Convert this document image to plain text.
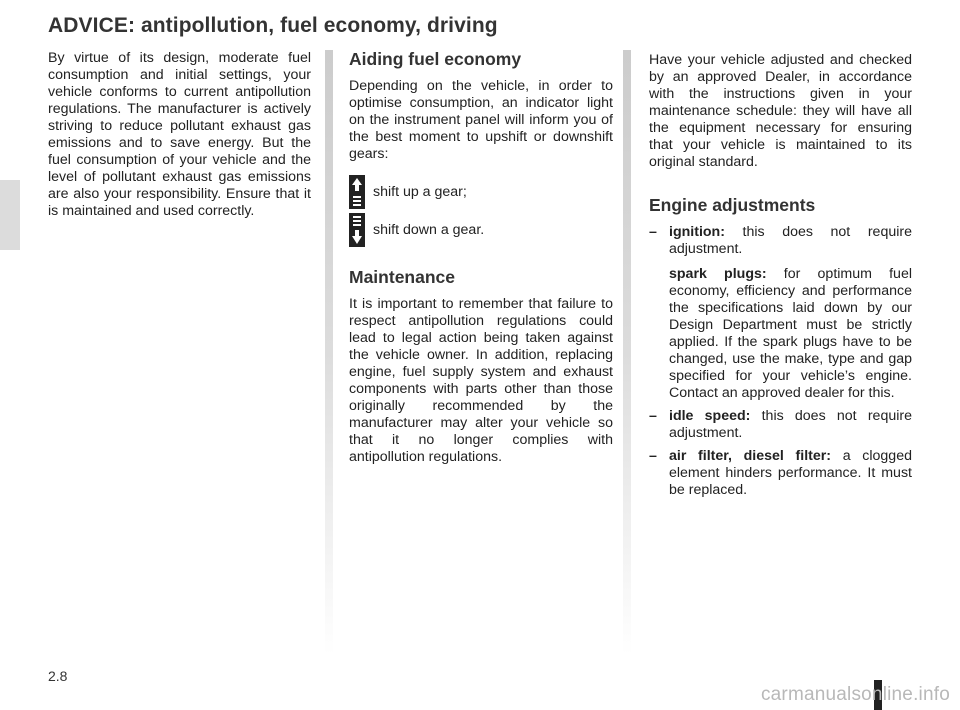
ADVICE: antipollution, fuel economy, driving

By virtue of its design, moderate fuel consumption and initial settings, your vehicle conforms to current antipollution regulations. The manufacturer is actively striving to reduce pollutant exhaust gas emissions and to save energy. But the fuel consumption of your vehicle and the level of pollutant exhaust gas emissions are also your responsibility. Ensure that it is maintained and used correctly.

Aiding fuel economy

Depending on the vehicle, in order to optimise consumption, an indicator light on the instrument panel will inform you of the best moment to upshift or downshift gears:

shift up a gear;
shift down a gear.
Maintenance

It is important to remember that failure to respect antipollution regulations could lead to legal action being taken against the vehicle owner. In addition, replacing engine, fuel supply system and exhaust components with parts other than those originally recommended by the manufacturer may alter your vehicle so that it no longer complies with antipollution regulations.

Have your vehicle adjusted and checked by an approved Dealer, in accordance with the instructions given in your maintenance schedule: they will have all the equipment necessary for ensuring that your vehicle is maintained to its original standard.

Engine adjustments
– ignition: this does not require adjustment.
spark plugs: for optimum fuel economy, efficiency and performance the specifications laid down by our Design Department must be strictly applied. If the spark plugs have to be changed, use the make, type and gap specified for your vehicle’s engine. Contact an approved dealer for this.
– idle speed: this does not require adjustment.
– air filter, diesel filter: a clogged element hinders performance. It must be replaced.
2.8
carmanualsonline.info
